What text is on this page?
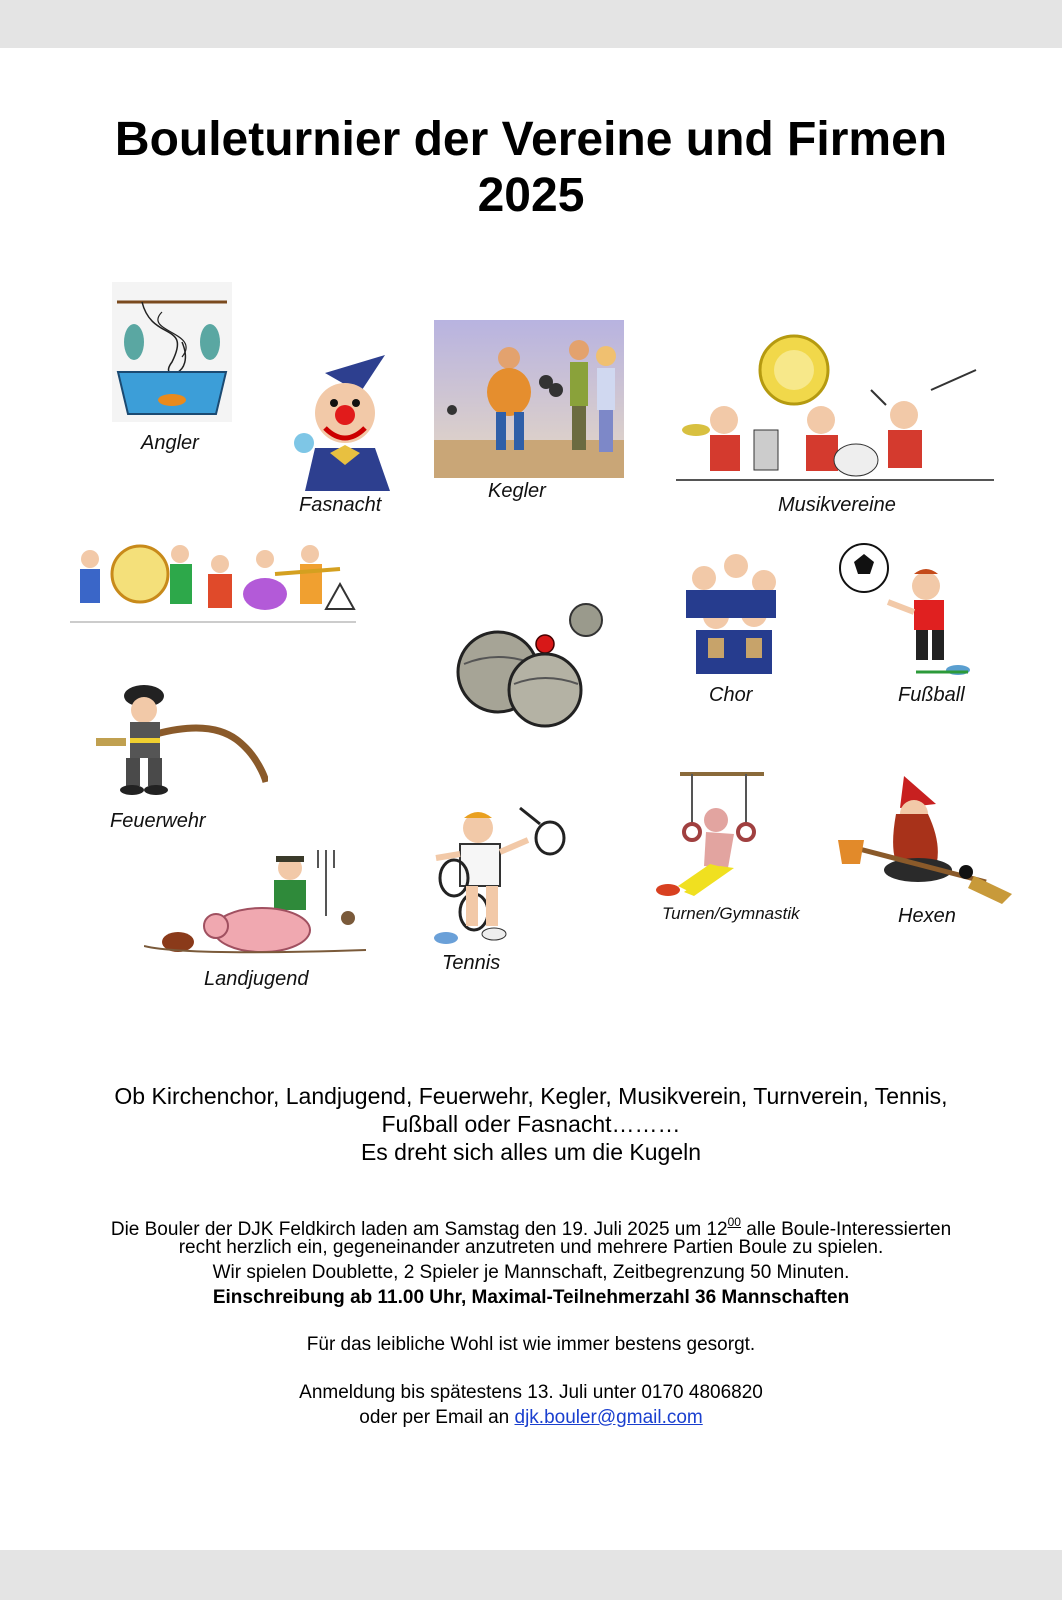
Bouleturnier der Vereine und Firmen
2025
Angler
Fasnacht
Kegler
Musikvereine
Chor	Fußball
Feuerwehr
Tennis
Turnen/Gymnastik	Hexen
Landjugend
Ob Kirchenchor, Landjugend, Feuerwehr, Kegler, Musikverein, Turnverein, Tennis,
Fußball oder Fasnacht………
Es dreht sich alles um die Kugeln
Die Bouler der DJK Feldkirch laden am Samstag den 19. Juli 2025 um $12^{00}$ alle Boule-Interessierten
recht herzlich ein, gegeneinander anzutreten und mehrere Partien Boule zu spielen.
Wir spielen Doublette, 2 Spieler je Mannschaft, Zeitbegrenzung 50 Minuten.
Einschreibung ab 11.00 Uhr, Maximal-Teilnehmerzahl 36 Mannschaften
Für das leibliche Wohl ist wie immer bestens gesorgt.
Anmeldung bis spätestens 13. Juli unter 0170 4806820
oder per Email an djk.bouler@gmail.com
